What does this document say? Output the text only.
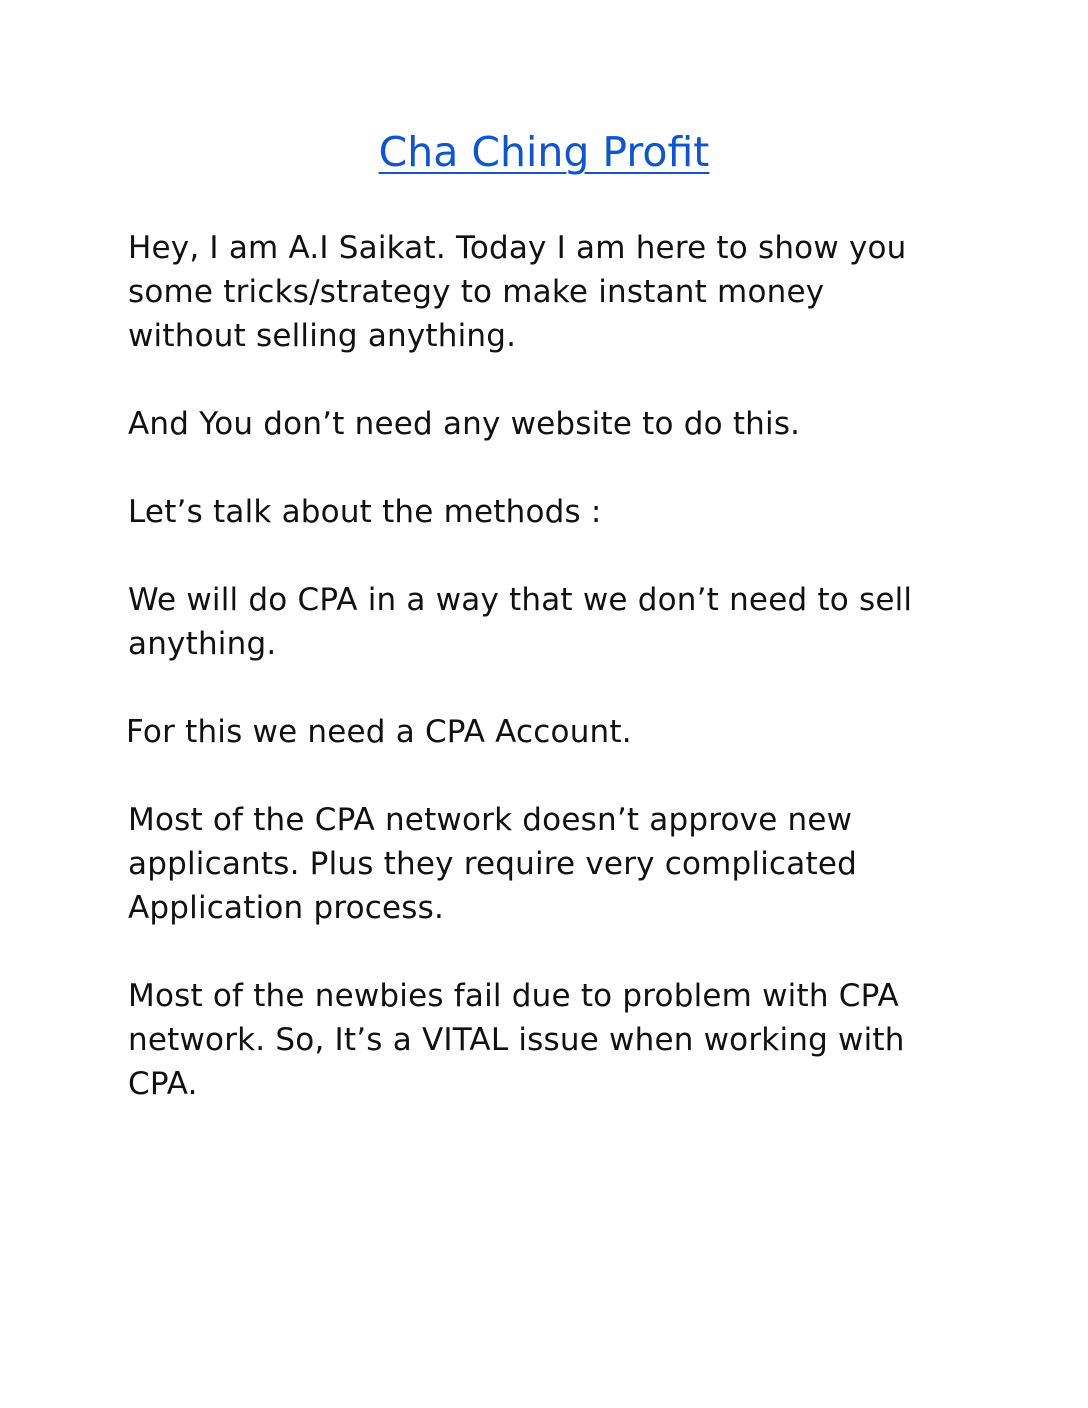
Cha Ching Profit

Hey, I am A.I Saikat. Today I am here to show you
some tricks/strategy to make instant money
without selling anything.

And You don’t need any website to do this.

Let’s talk about the methods :

We will do CPA in a way that we don’t need to sell
anything.

For this we need a CPA Account.

Most of the CPA network doesn’t approve new
applicants. Plus they require very complicated
Application process.

Most of the newbies fail due to problem with CPA
network. So, It’s a VITAL issue when working with
CPA.
